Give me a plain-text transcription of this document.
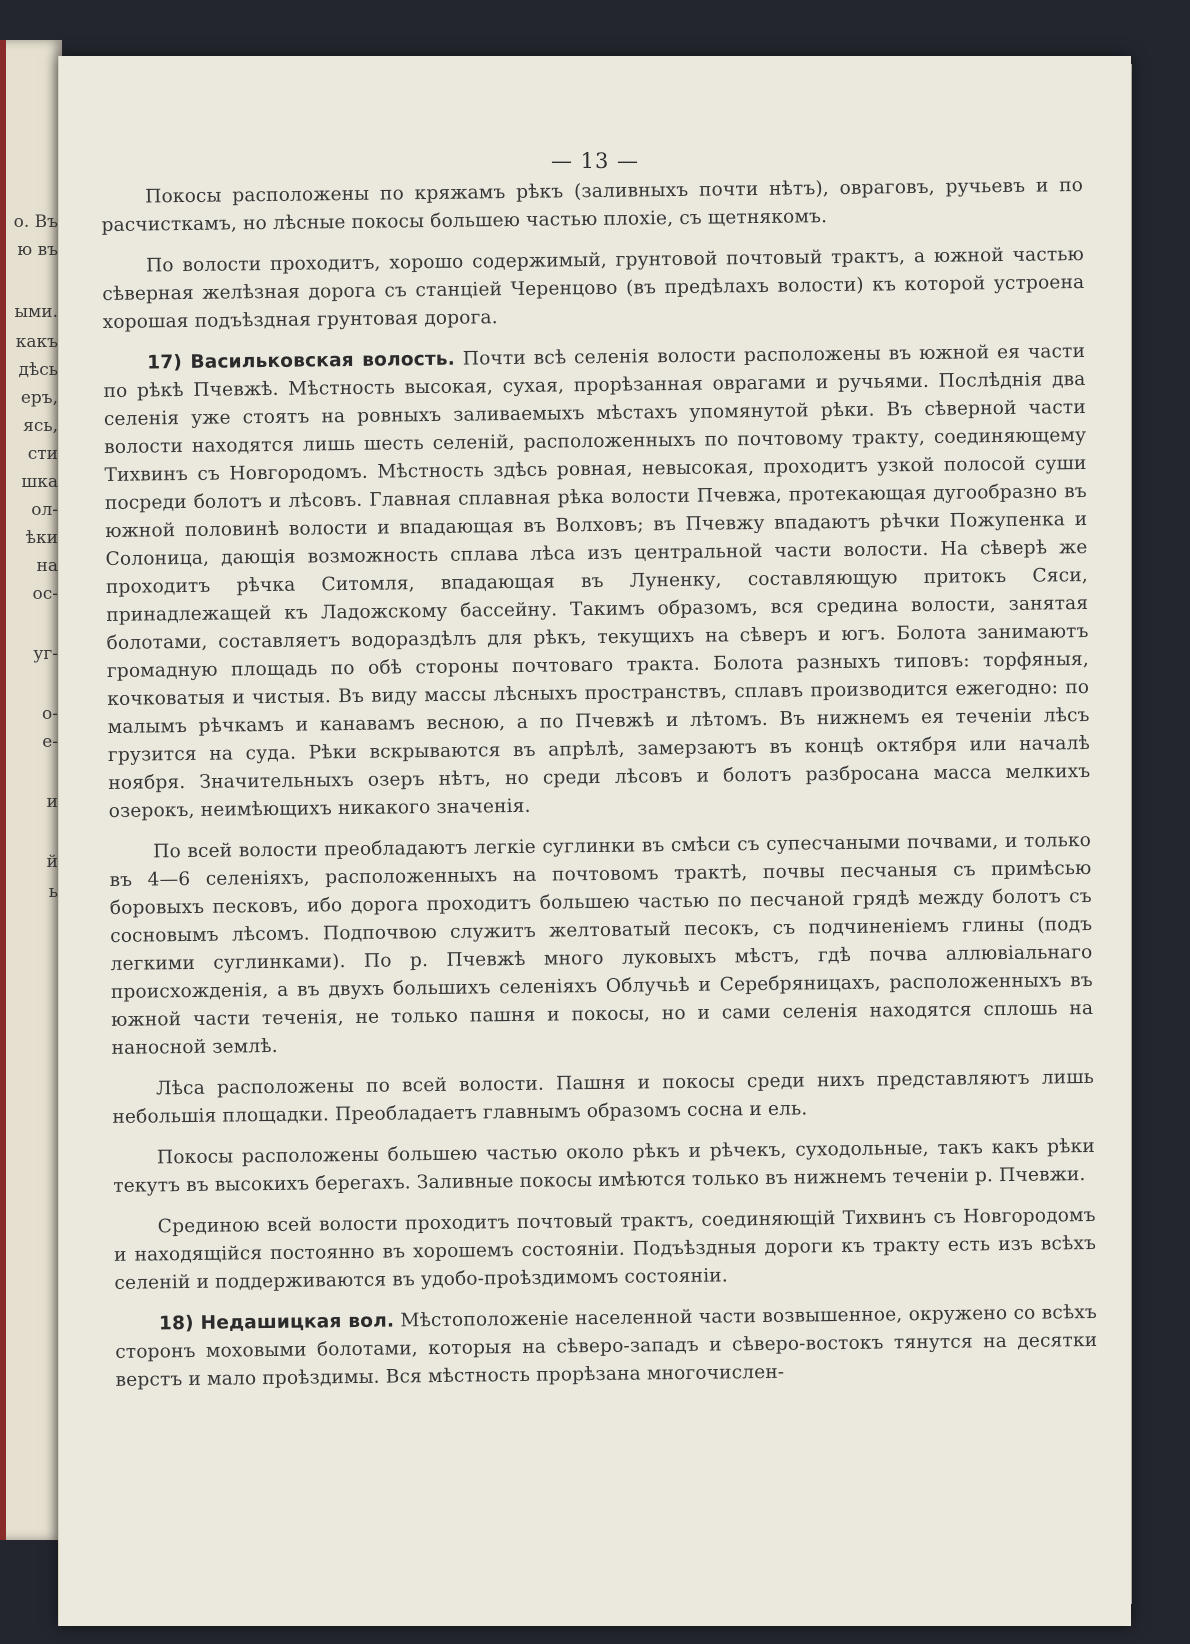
о. Въ
ю въ
ыми.
какъ
дѣсь
еръ,
ясь,
сти
шка
ол-
ѣки
на
ос-
уг-
о-
е-
и
й
ь
— 13 —

Покосы расположены по кряжамъ рѣкъ (заливныхъ почти нѣтъ), овраговъ, ручьевъ и по расчисткамъ, но лѣсные покосы большею частью плохiе, съ щетнякомъ.

По волости проходитъ, хорошо содержимый, грунтовой почтовый трактъ, а южной частью сѣверная желѣзная дорога съ станцiей Черенцово (въ предѣлахъ волости) къ которой устроена хорошая подъѣздная грунтовая дорога.

17) Васильковская волость. Почти всѣ селенiя волости расположены въ южной ея части по рѣкѣ Пчевжѣ. Мѣстность высокая, сухая, прорѣзанная оврагами и ручьями. Послѣднiя два селенiя уже стоятъ на ровныхъ заливаемыхъ мѣстахъ упомянутой рѣки. Въ сѣверной части волости находятся лишь шесть селенiй, расположенныхъ по почтовому тракту, соединяющему Тихвинъ съ Новгородомъ. Мѣстность здѣсь ровная, невысокая, проходитъ узкой полосой суши посреди болотъ и лѣсовъ. Главная сплавная рѣка волости Пчевжа, протекающая дугообразно въ южной половинѣ волости и впадающая въ Волховъ; въ Пчевжу впадаютъ рѣчки Пожупенка и Солоница, дающiя возможность сплава лѣса изъ центральной части волости. На сѣверѣ же проходитъ рѣчка Ситомля, впадающая въ Луненку, составляющую притокъ Сяси, принадлежащей къ Ладожскому бассейну. Такимъ образомъ, вся средина волости, занятая болотами, составляетъ водораздѣлъ для рѣкъ, текущихъ на сѣверъ и югъ. Болота занимаютъ громадную площадь по обѣ стороны почтоваго тракта. Болота разныхъ типовъ: торфяныя, кочковатыя и чистыя. Въ виду массы лѣсныхъ пространствъ, сплавъ производится ежегодно: по малымъ рѣчкамъ и канавамъ весною, а по Пчевжѣ и лѣтомъ. Въ нижнемъ ея теченiи лѣсъ грузится на суда. Рѣки вскрываются въ апрѣлѣ, замерзаютъ въ концѣ октября или началѣ ноября. Значительныхъ озеръ нѣтъ, но среди лѣсовъ и болотъ разбросана масса мелкихъ озерокъ, неимѣющихъ никакого значенiя.

По всей волости преобладаютъ легкiе суглинки въ смѣси съ супесчаными почвами, и только въ 4—6 селенiяхъ, расположенныхъ на почтовомъ трактѣ, почвы песчаныя съ примѣсью боровыхъ песковъ, ибо дорога проходитъ большею частью по песчаной грядѣ между болотъ съ сосновымъ лѣсомъ. Подпочвою служитъ желтоватый песокъ, съ подчиненiемъ глины (подъ легкими суглинками). По р. Пчевжѣ много луковыхъ мѣстъ, гдѣ почва аллювiальнаго происхожденiя, а въ двухъ большихъ селенiяхъ Облучьѣ и Серебряницахъ, расположенныхъ въ южной части теченiя, не только пашня и покосы, но и сами селенiя находятся сплошь на наносной землѣ.

Лѣса расположены по всей волости. Пашня и покосы среди нихъ представляютъ лишь небольшiя площадки. Преобладаетъ главнымъ образомъ сосна и ель.

Покосы расположены большею частью около рѣкъ и рѣчекъ, суходольные, такъ какъ рѣки текутъ въ высокихъ берегахъ. Заливные покосы имѣются только въ нижнемъ теченiи р. Пчевжи.

Срединою всей волости проходитъ почтовый трактъ, соединяющiй Тихвинъ съ Новгородомъ и находящiйся постоянно въ хорошемъ состоянiи. Подъѣздныя дороги къ тракту есть изъ всѣхъ селенiй и поддерживаются въ удобо-проѣздимомъ состоянiи.

18) Недашицкая вол. Мѣстоположенiе населенной части возвышенное, окружено со всѣхъ сторонъ моховыми болотами, которыя на сѣверо-западъ и сѣверо-востокъ тянутся на десятки верстъ и мало проѣздимы. Вся мѣстность прорѣзана многочислен-
